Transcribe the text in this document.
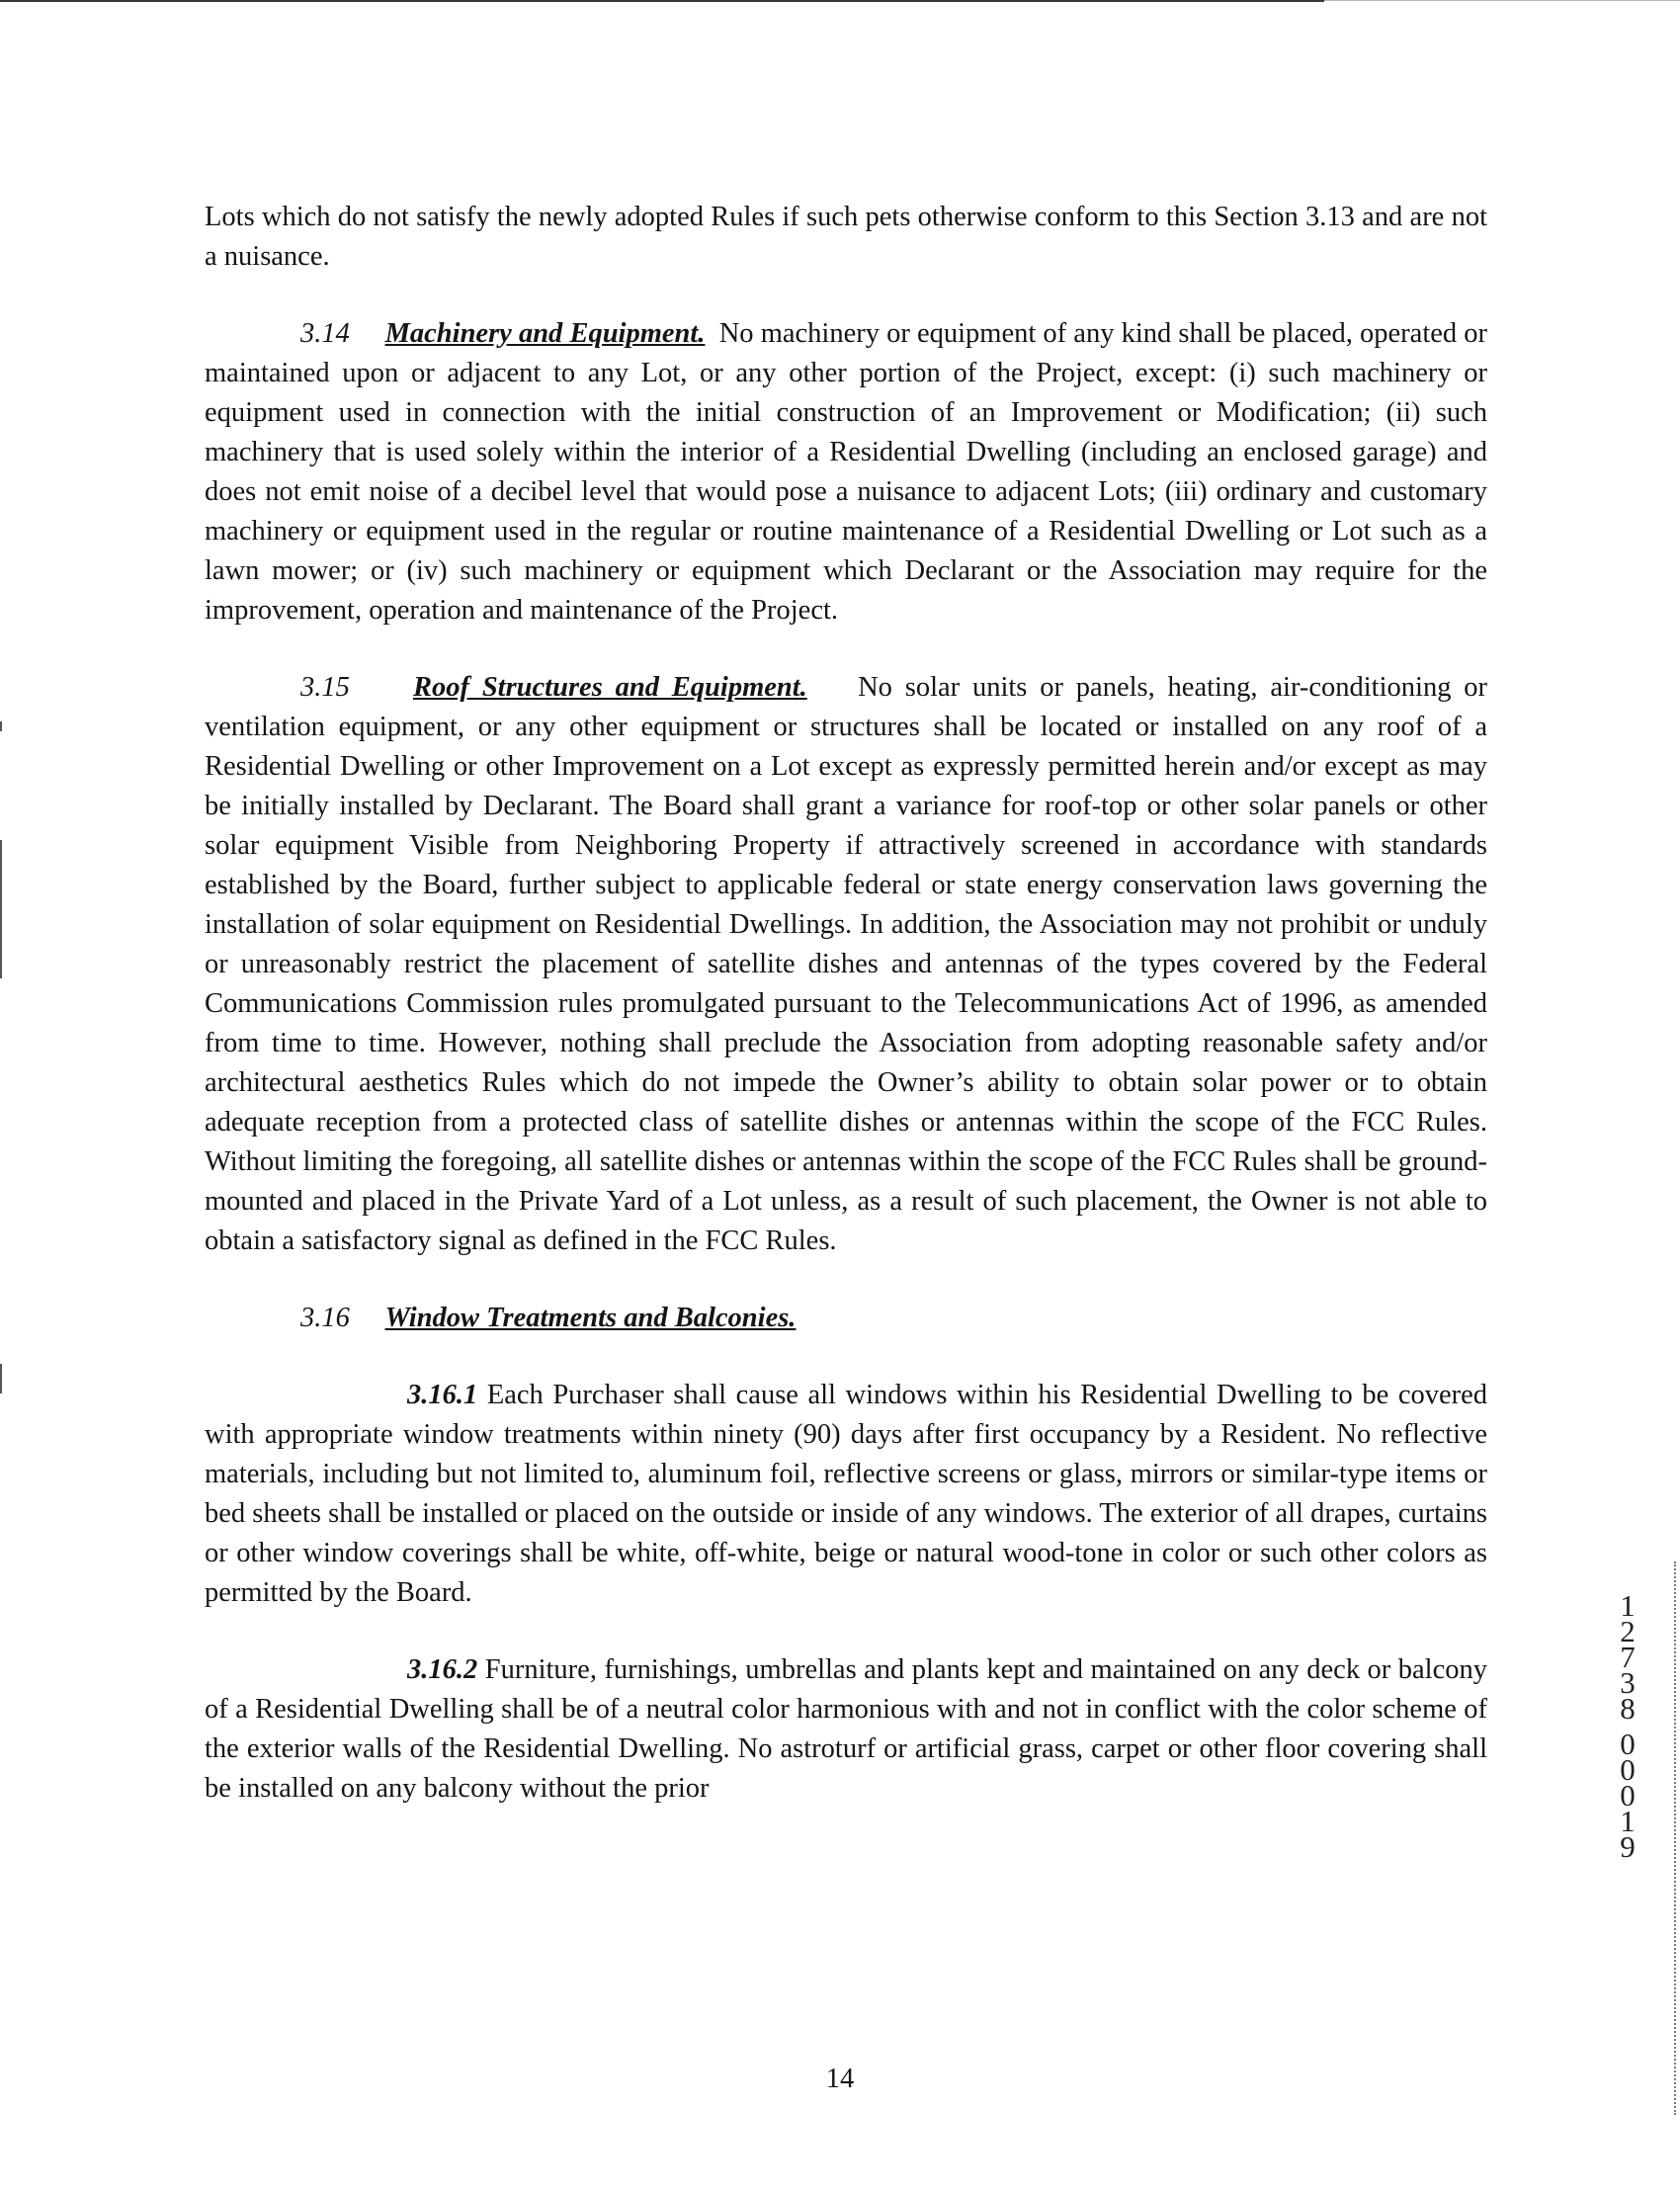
Lots which do not satisfy the newly adopted Rules if such pets otherwise conform to this Section 3.13 and are not a nuisance.

3.14 Machinery and Equipment. No machinery or equipment of any kind shall be placed, operated or maintained upon or adjacent to any Lot, or any other portion of the Project, except: (i) such machinery or equipment used in connection with the initial construction of an Improvement or Modification; (ii) such machinery that is used solely within the interior of a Residential Dwelling (including an enclosed garage) and does not emit noise of a decibel level that would pose a nuisance to adjacent Lots; (iii) ordinary and customary machinery or equipment used in the regular or routine maintenance of a Residential Dwelling or Lot such as a lawn mower; or (iv) such machinery or equipment which Declarant or the Association may require for the improvement, operation and maintenance of the Project.

3.15 Roof Structures and Equipment. No solar units or panels, heating, air-conditioning or ventilation equipment, or any other equipment or structures shall be located or installed on any roof of a Residential Dwelling or other Improvement on a Lot except as expressly permitted herein and/or except as may be initially installed by Declarant. The Board shall grant a variance for roof-top or other solar panels or other solar equipment Visible from Neighboring Property if attractively screened in accordance with standards established by the Board, further subject to applicable federal or state energy conservation laws governing the installation of solar equipment on Residential Dwellings. In addition, the Association may not prohibit or unduly or unreasonably restrict the placement of satellite dishes and antennas of the types covered by the Federal Communications Commission rules promulgated pursuant to the Telecommunications Act of 1996, as amended from time to time. However, nothing shall preclude the Association from adopting reasonable safety and/or architectural aesthetics Rules which do not impede the Owner’s ability to obtain solar power or to obtain adequate reception from a protected class of satellite dishes or antennas within the scope of the FCC Rules. Without limiting the foregoing, all satellite dishes or antennas within the scope of the FCC Rules shall be ground-mounted and placed in the Private Yard of a Lot unless, as a result of such placement, the Owner is not able to obtain a satisfactory signal as defined in the FCC Rules.

3.16 Window Treatments and Balconies.

3.16.1 Each Purchaser shall cause all windows within his Residential Dwelling to be covered with appropriate window treatments within ninety (90) days after first occupancy by a Resident. No reflective materials, including but not limited to, aluminum foil, reflective screens or glass, mirrors or similar-type items or bed sheets shall be installed or placed on the outside or inside of any windows. The exterior of all drapes, curtains or other window coverings shall be white, off-white, beige or natural wood-tone in color or such other colors as permitted by the Board.

3.16.2 Furniture, furnishings, umbrellas and plants kept and maintained on any deck or balcony of a Residential Dwelling shall be of a neutral color harmonious with and not in conflict with the color scheme of the exterior walls of the Residential Dwelling. No astroturf or artificial grass, carpet or other floor covering shall be installed on any balcony without the prior

14
1
2
7
3
8
0
0
0
1
9
